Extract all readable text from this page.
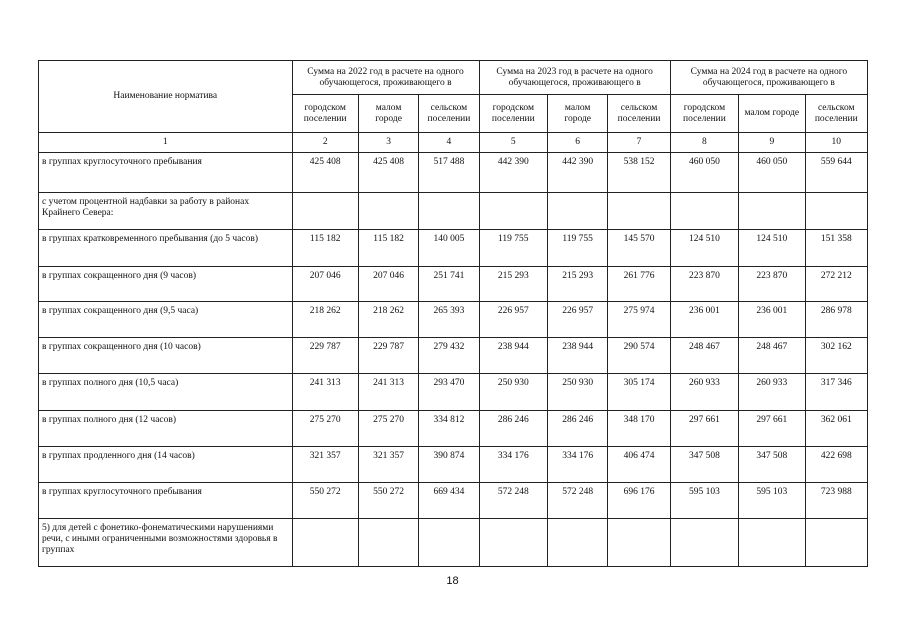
Наименование норматива	Сумма на 2022 год в расчете на одного обучающегося, проживающего в			Сумма на 2023 год в расчете на одного обучающегося, проживающего в			Сумма на 2024 год в расчете на одного обучающегося, проживающего в		
	городском поселении	малом городе	сельском поселении	городском поселении	малом городе	сельском поселении	городском поселении	малом городе	сельском поселении
1	2	3	4	5	6	7	8	9	10
в группах круглосуточного пребывания	425 408	425 408	517 488	442 390	442 390	538 152	460 050	460 050	559 644
с учетом процентной надбавки за работу в районах Крайнего Севера:									
в группах кратковременного пребывания (до 5 часов)	115 182	115 182	140 005	119 755	119 755	145 570	124 510	124 510	151 358
в группах сокращенного дня (9 часов)	207 046	207 046	251 741	215 293	215 293	261 776	223 870	223 870	272 212
в группах сокращенного дня (9,5 часа)	218 262	218 262	265 393	226 957	226 957	275 974	236 001	236 001	286 978
в группах сокращенного дня (10 часов)	229 787	229 787	279 432	238 944	238 944	290 574	248 467	248 467	302 162
в группах полного дня (10,5 часа)	241 313	241 313	293 470	250 930	250 930	305 174	260 933	260 933	317 346
в группах полного дня (12 часов)	275 270	275 270	334 812	286 246	286 246	348 170	297 661	297 661	362 061
в группах продленного дня (14 часов)	321 357	321 357	390 874	334 176	334 176	406 474	347 508	347 508	422 698
в группах круглосуточного пребывания	550 272	550 272	669 434	572 248	572 248	696 176	595 103	595 103	723 988
5) для детей с фонетико-фонематическими нарушениями речи, с иными ограниченными возможностями здоровья в группах									
18
